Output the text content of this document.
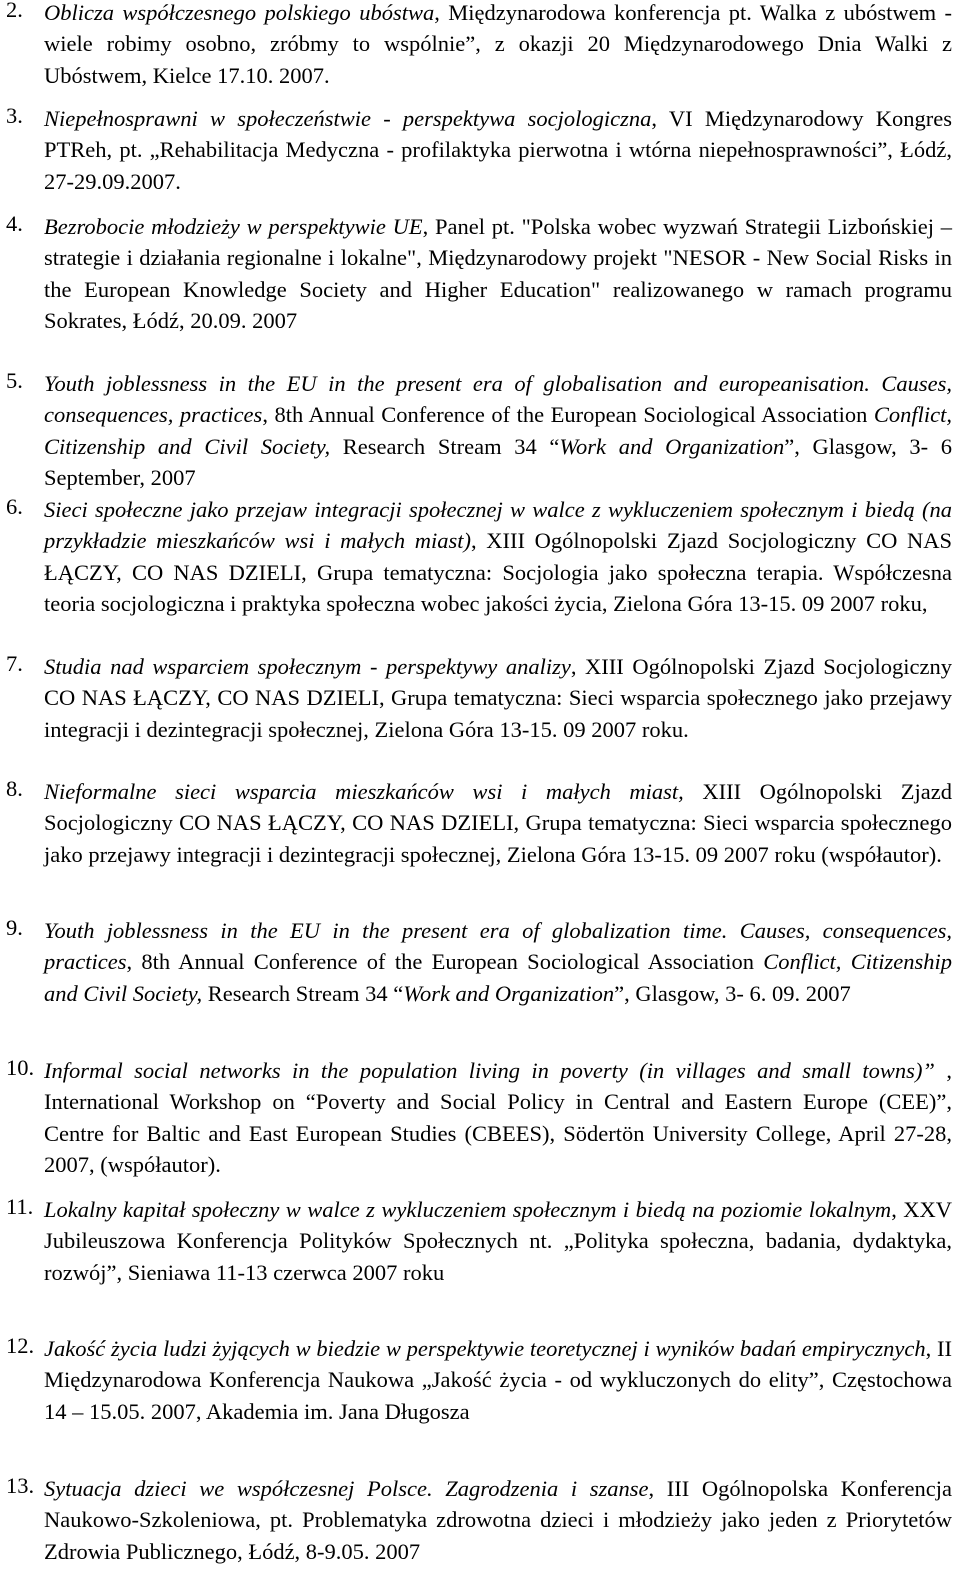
2. Oblicza współczesnego polskiego ubóstwa, Międzynarodowa konferencja pt. Walka z ubóstwem - wiele robimy osobno, zróbmy to wspólnie”, z okazji 20 Międzynarodowego Dnia Walki z Ubóstwem, Kielce 17.10. 2007.
3. Niepełnosprawni w społeczeństwie - perspektywa socjologiczna, VI Międzynarodowy Kongres PTReh, pt. „Rehabilitacja Medyczna - profilaktyka pierwotna i wtórna niepełnosprawności”, Łódź, 27-29.09.2007.
4. Bezrobocie młodzieży w perspektywie UE, Panel pt. "Polska wobec wyzwań Strategii Lizbońskiej – strategie i działania regionalne i lokalne", Międzynarodowy projekt "NESOR - New Social Risks in the European Knowledge Society and Higher Education" realizowanego w ramach programu Sokrates, Łódź, 20.09. 2007
5. Youth joblessness in the EU in the present era of globalisation and europeanisation. Causes, consequences, practices, 8th Annual Conference of the European Sociological Association Conflict, Citizenship and Civil Society, Research Stream 34 “Work and Organization”, Glasgow, 3- 6 September, 2007
6. Sieci społeczne jako przejaw integracji społecznej w walce z wykluczeniem społecznym i biedą (na przykładzie mieszkańców wsi i małych miast), XIII Ogólnopolski Zjazd Socjologiczny CO NAS ŁĄCZY, CO NAS DZIELI, Grupa tematyczna: Socjologia jako społeczna terapia. Współczesna teoria socjologiczna i praktyka społeczna wobec jakości życia, Zielona Góra 13-15. 09 2007 roku,
7. Studia nad wsparciem społecznym - perspektywy analizy, XIII Ogólnopolski Zjazd Socjologiczny CO NAS ŁĄCZY, CO NAS DZIELI, Grupa tematyczna: Sieci wsparcia społecznego jako przejawy integracji i dezintegracji społecznej, Zielona Góra 13-15. 09 2007 roku.
8. Nieformalne sieci wsparcia mieszkańców wsi i małych miast, XIII Ogólnopolski Zjazd Socjologiczny CO NAS ŁĄCZY, CO NAS DZIELI, Grupa tematyczna: Sieci wsparcia społecznego jako przejawy integracji i dezintegracji społecznej, Zielona Góra 13-15. 09 2007 roku (współautor).
9. Youth joblessness in the EU in the present era of globalization time. Causes, consequences, practices, 8th Annual Conference of the European Sociological Association Conflict, Citizenship and Civil Society, Research Stream 34 “Work and Organization”, Glasgow, 3- 6. 09. 2007
10. Informal social networks in the population living in poverty (in villages and small towns)” , International Workshop on “Poverty and Social Policy in Central and Eastern Europe (CEE)”, Centre for Baltic and East European Studies (CBEES), Södertön University College, April 27-28, 2007, (współautor).
11. Lokalny kapitał społeczny w walce z wykluczeniem społecznym i biedą na poziomie lokalnym, XXV Jubileuszowa Konferencja Polityków Społecznych nt. „Polityka społeczna, badania, dydaktyka, rozwój”, Sieniawa 11-13 czerwca 2007 roku
12. Jakość życia ludzi żyjących w biedzie w perspektywie teoretycznej i wyników badań empirycznych, II Międzynarodowa Konferencja Naukowa „Jakość życia - od wykluczonych do elity”, Częstochowa 14 – 15.05. 2007, Akademia im. Jana Długosza
13. Sytuacja dzieci we współczesnej Polsce. Zagrodzenia i szanse, III Ogólnopolska Konferencja Naukowo-Szkoleniowa, pt. Problematyka zdrowotna dzieci i młodzieży jako jeden z Priorytetów Zdrowia Publicznego, Łódź, 8-9.05. 2007
